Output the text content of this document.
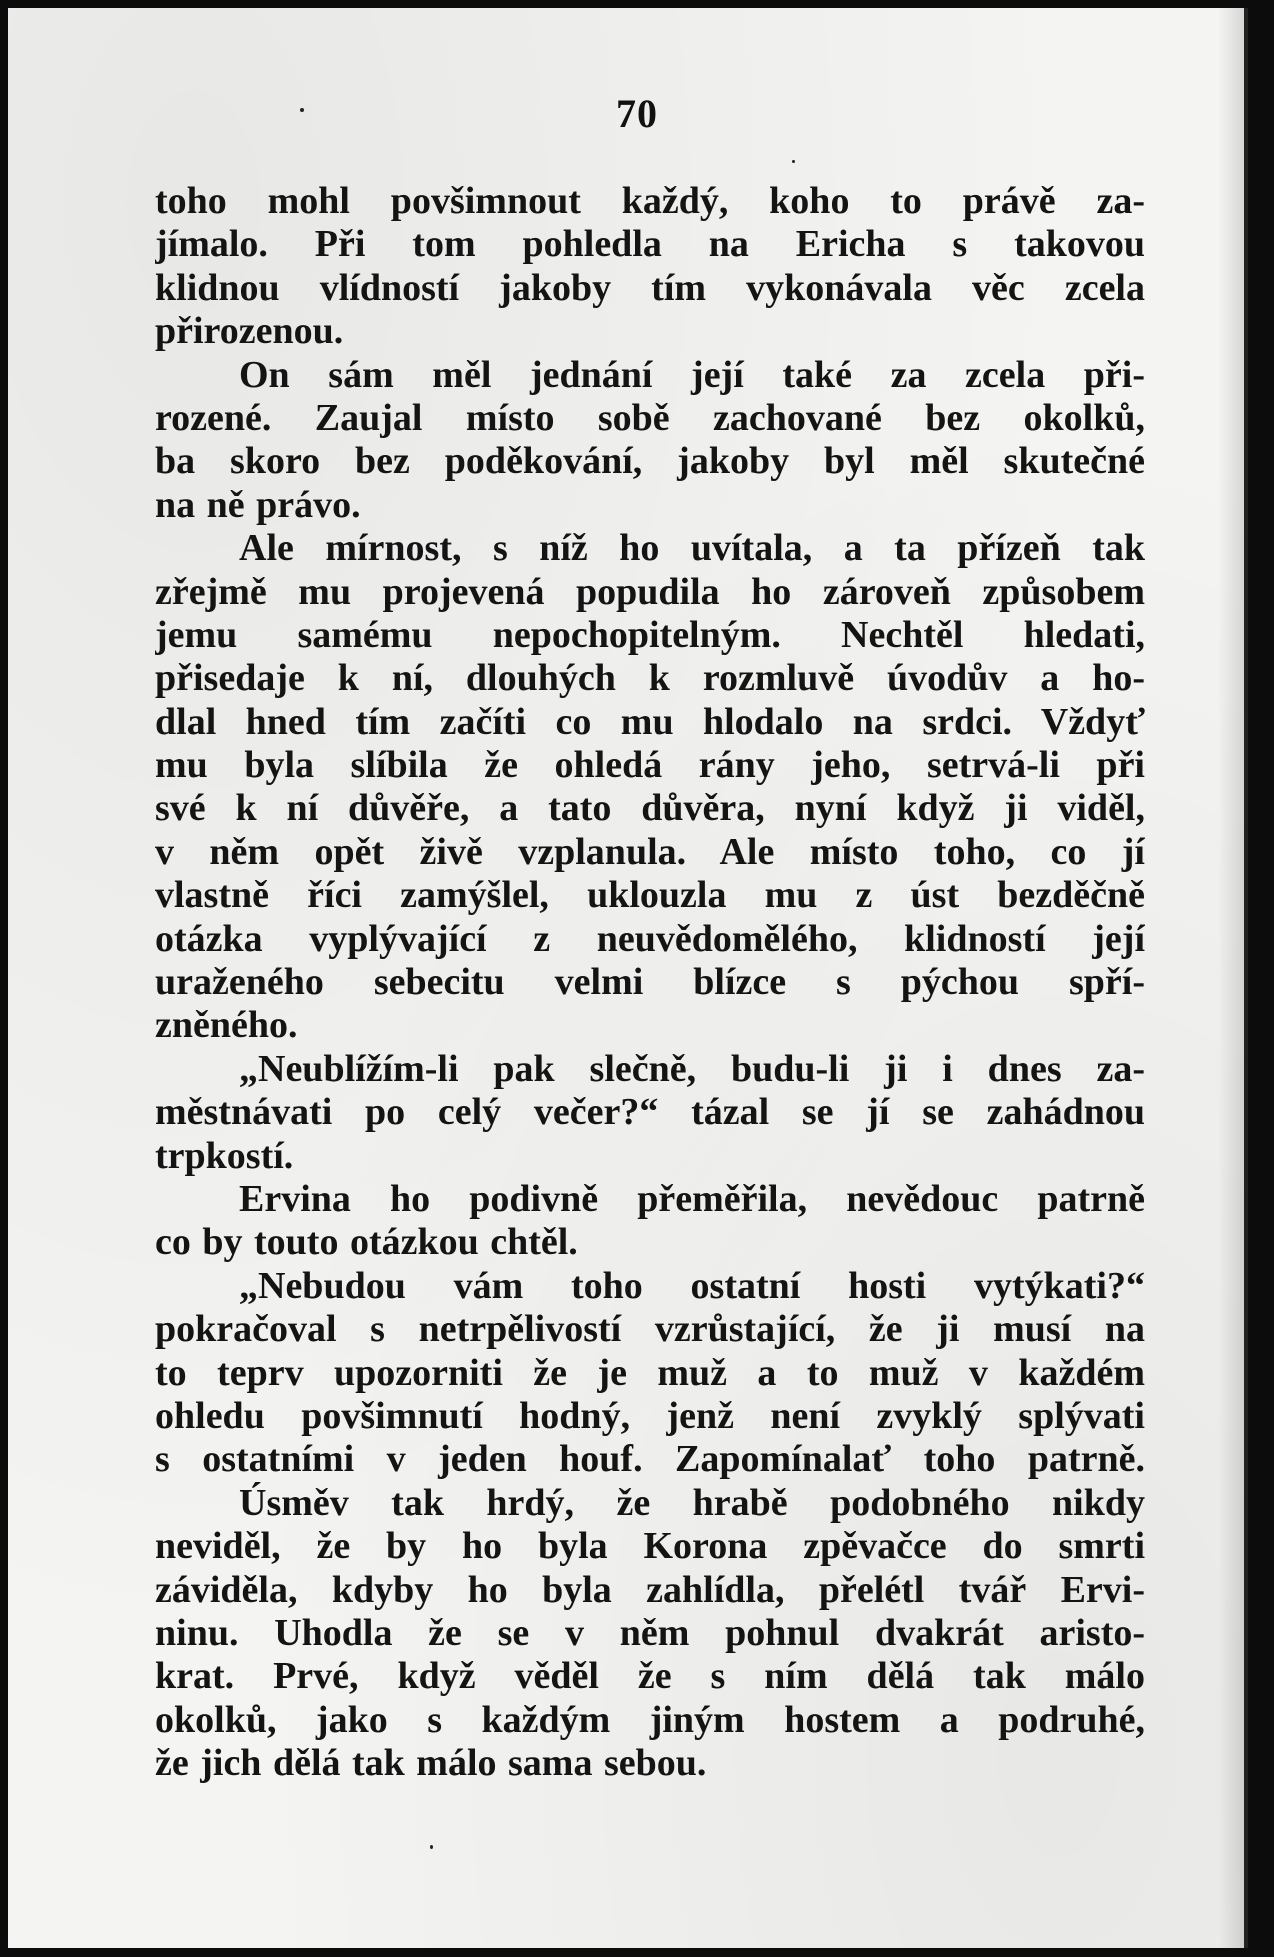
70
toho mohl povšimnout každý, koho to právě za-
jímalo. Při tom pohledla na Ericha s takovou
klidnou vlídností jakoby tím vykonávala věc zcela
přirozenou.
On sám měl jednání její také za zcela při-
rozené. Zaujal místo sobě zachované bez okolků,
ba skoro bez poděkování, jakoby byl měl skutečné
na ně právo.
Ale mírnost, s níž ho uvítala, a ta přízeň tak
zřejmě mu projevená popudila ho zároveň způsobem
jemu samému nepochopitelným. Nechtěl hledati,
přisedaje k ní, dlouhých k rozmluvě úvodův a ho-
dlal hned tím začíti co mu hlodalo na srdci. Vždyť
mu byla slíbila že ohledá rány jeho, setrvá-li při
své k ní důvěře, a tato důvěra, nyní když ji viděl,
v něm opět živě vzplanula. Ale místo toho, co jí
vlastně říci zamýšlel, uklouzla mu z úst bezděčně
otázka vyplývající z neuvědomělého, klidností její
uraženého sebecitu velmi blízce s pýchou spří-
zněného.
„Neublížím-li pak slečně, budu-li ji i dnes za-
městnávati po celý večer?“ tázal se jí se zahádnou
trpkostí.
Ervina ho podivně přeměřila, nevědouc patrně
co by touto otázkou chtěl.
„Nebudou vám toho ostatní hosti vytýkati?“
pokračoval s netrpělivostí vzrůstající, že ji musí na
to teprv upozorniti že je muž a to muž v každém
ohledu povšimnutí hodný, jenž není zvyklý splývati
s ostatními v jeden houf. Zapomínalať toho patrně.
Úsměv tak hrdý, že hrabě podobného nikdy
neviděl, že by ho byla Korona zpěvačce do smrti
záviděla, kdyby ho byla zahlídla, přelétl tvář Ervi-
ninu. Uhodla že se v něm pohnul dvakrát aristo-
krat. Prvé, když věděl že s ním dělá tak málo
okolků, jako s každým jiným hostem a podruhé,
že jich dělá tak málo sama sebou.
